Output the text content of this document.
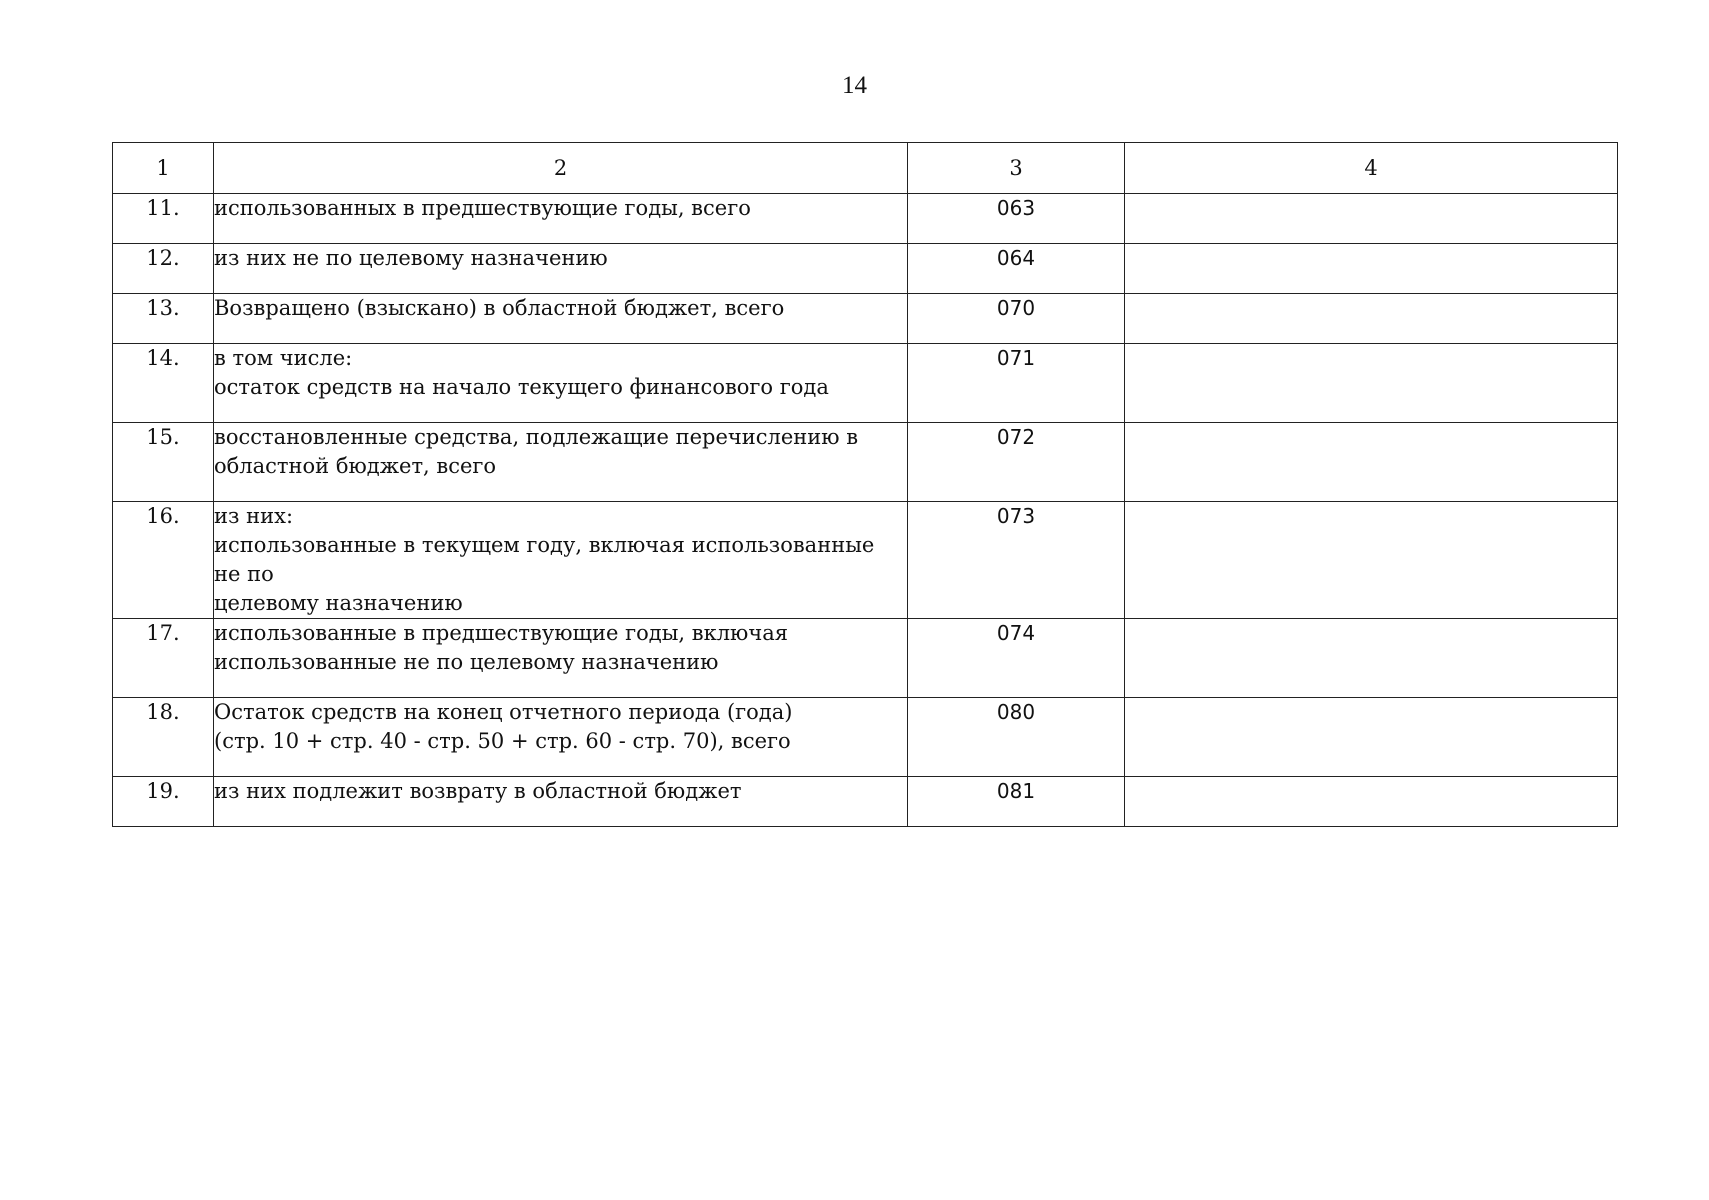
14
1	2	3	4
11.	использованных в предшествующие годы, всего	063	
12.	из них не по целевому назначению	064	
13.	Возвращено (взыскано) в областной бюджет, всего	070	
14.	в том числе:
остаток средств на начало текущего финансового года	071	
15.	восстановленные средства, подлежащие перечислению в
областной бюджет, всего	072	
16.	из них:
использованные в текущем году, включая использованные не по
целевому назначению	073	
17.	использованные в предшествующие годы, включая
использованные не по целевому назначению	074	
18.	Остаток средств на конец отчетного периода (года)
(стр. 10 + стр. 40 - стр. 50 + стр. 60 - стр. 70), всего	080	
19.	из них подлежит возврату в областной бюджет	081	
